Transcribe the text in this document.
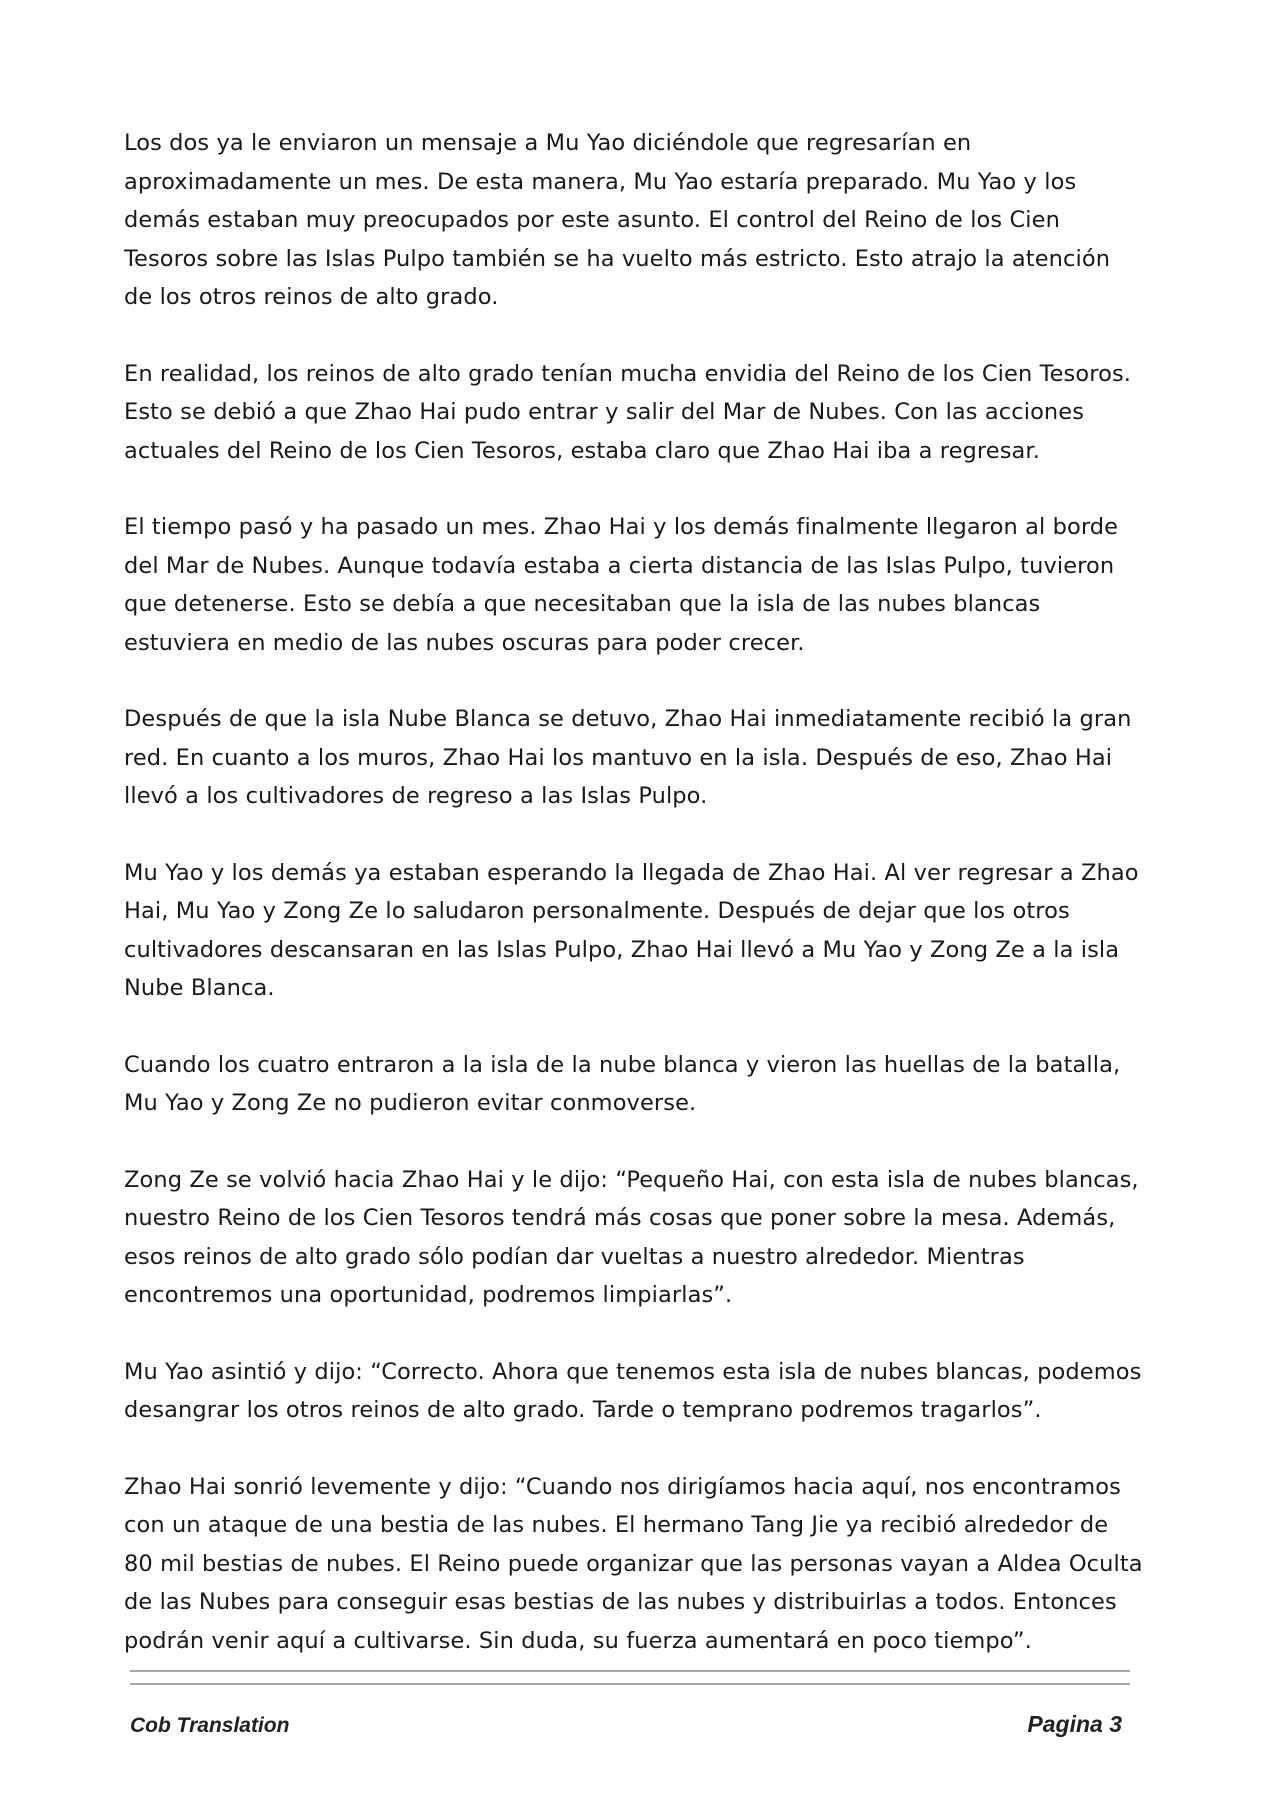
Los dos ya le enviaron un mensaje a Mu Yao diciéndole que regresarían en aproximadamente un mes. De esta manera, Mu Yao estaría preparado. Mu Yao y los demás estaban muy preocupados por este asunto. El control del Reino de los Cien Tesoros sobre las Islas Pulpo también se ha vuelto más estricto. Esto atrajo la atención de los otros reinos de alto grado.

En realidad, los reinos de alto grado tenían mucha envidia del Reino de los Cien Tesoros. Esto se debió a que Zhao Hai pudo entrar y salir del Mar de Nubes. Con las acciones actuales del Reino de los Cien Tesoros, estaba claro que Zhao Hai iba a regresar.

El tiempo pasó y ha pasado un mes. Zhao Hai y los demás finalmente llegaron al borde del Mar de Nubes. Aunque todavía estaba a cierta distancia de las Islas Pulpo, tuvieron que detenerse. Esto se debía a que necesitaban que la isla de las nubes blancas estuviera en medio de las nubes oscuras para poder crecer.

Después de que la isla Nube Blanca se detuvo, Zhao Hai inmediatamente recibió la gran red. En cuanto a los muros, Zhao Hai los mantuvo en la isla. Después de eso, Zhao Hai llevó a los cultivadores de regreso a las Islas Pulpo.

Mu Yao y los demás ya estaban esperando la llegada de Zhao Hai. Al ver regresar a Zhao Hai, Mu Yao y Zong Ze lo saludaron personalmente. Después de dejar que los otros cultivadores descansaran en las Islas Pulpo, Zhao Hai llevó a Mu Yao y Zong Ze a la isla Nube Blanca.

Cuando los cuatro entraron a la isla de la nube blanca y vieron las huellas de la batalla, Mu Yao y Zong Ze no pudieron evitar conmoverse.

Zong Ze se volvió hacia Zhao Hai y le dijo: “Pequeño Hai, con esta isla de nubes blancas, nuestro Reino de los Cien Tesoros tendrá más cosas que poner sobre la mesa. Además, esos reinos de alto grado sólo podían dar vueltas a nuestro alrededor. Mientras encontremos una oportunidad, podremos limpiarlas”.

Mu Yao asintió y dijo: “Correcto. Ahora que tenemos esta isla de nubes blancas, podemos desangrar los otros reinos de alto grado. Tarde o temprano podremos tragarlos”.

Zhao Hai sonrió levemente y dijo: “Cuando nos dirigíamos hacia aquí, nos encontramos con un ataque de una bestia de las nubes. El hermano Tang Jie ya recibió alrededor de 80 mil bestias de nubes. El Reino puede organizar que las personas vayan a Aldea Oculta de las Nubes para conseguir esas bestias de las nubes y distribuirlas a todos. Entonces podrán venir aquí a cultivarse. Sin duda, su fuerza aumentará en poco tiempo”.

Cob Translation	Pagina 3
